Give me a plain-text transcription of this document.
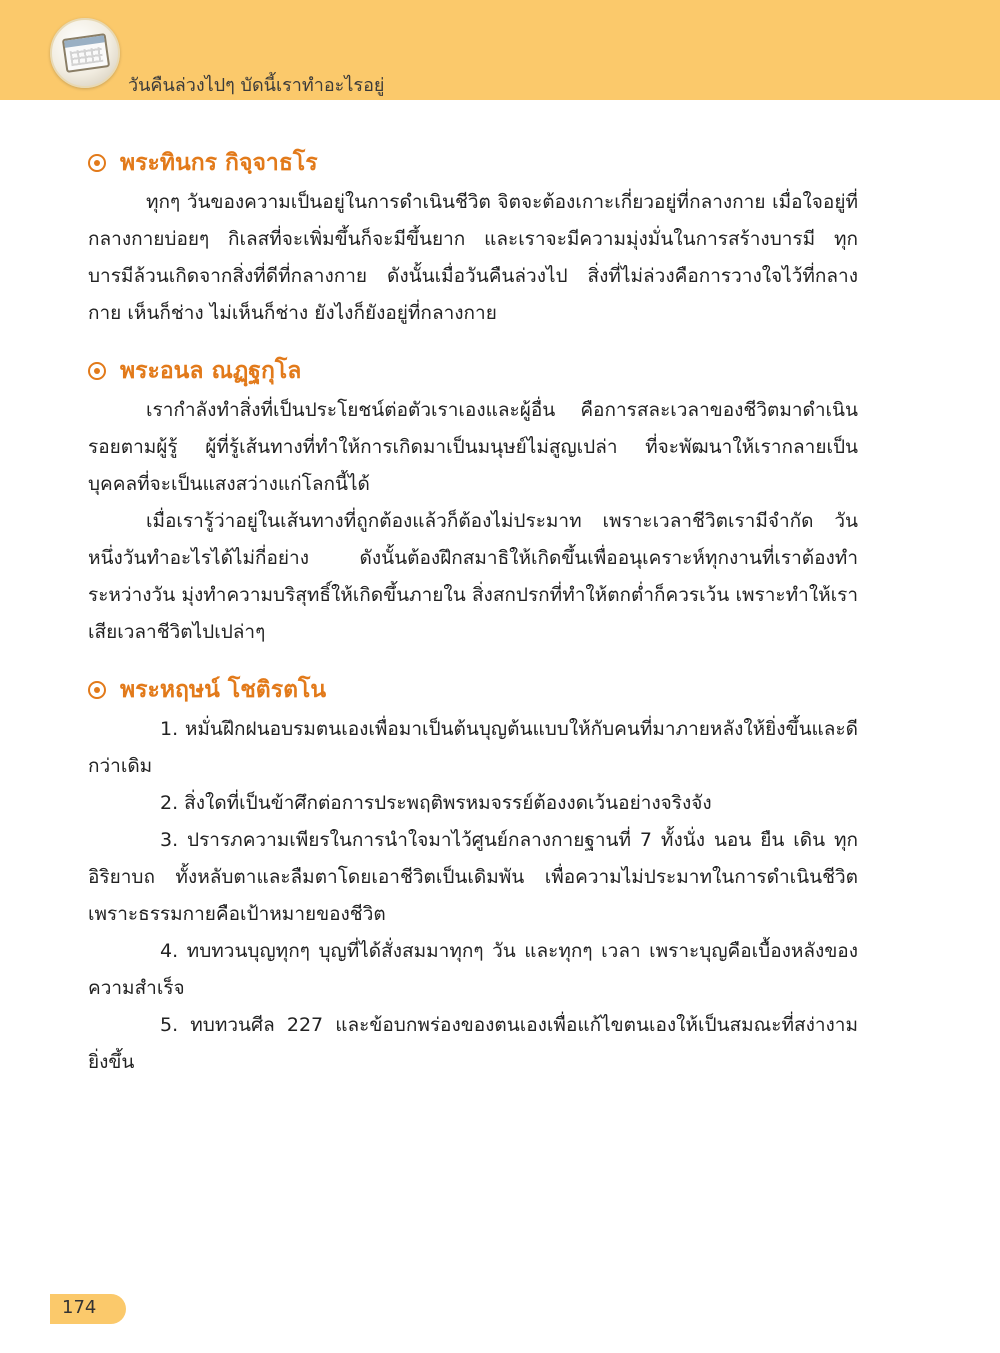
วันคืนล่วงไปๆ บัดนี้เราทำอะไรอยู่
พระทินกร กิจฺจาธโร

ทุกๆ วันของความเป็นอยู่ในการดำเนินชีวิต จิตจะต้องเกาะเกี่ยวอยู่ที่กลางกาย เมื่อใจอยู่ที่กลางกายบ่อยๆ กิเลสที่จะเพิ่มขึ้นก็จะมีขึ้นยาก และเราจะมีความมุ่งมั่นในการสร้างบารมี ทุกบารมีล้วนเกิดจากสิ่งที่ดีที่กลางกาย ดังนั้นเมื่อวันคืนล่วงไป สิ่งที่ไม่ล่วงคือการวางใจไว้ที่กลางกาย เห็นก็ช่าง ไม่เห็นก็ช่าง ยังไงก็ยังอยู่ที่กลางกาย

พระอนล ณฏฺฐกุโล

เรากำลังทำสิ่งที่เป็นประโยชน์ต่อตัวเราเองและผู้อื่น คือการสละเวลาของชีวิตมาดำเนินรอยตามผู้รู้ ผู้ที่รู้เส้นทางที่ทำให้การเกิดมาเป็นมนุษย์ไม่สูญเปล่า ที่จะพัฒนาให้เรากลายเป็นบุคคลที่จะเป็นแสงสว่างแก่โลกนี้ได้

เมื่อเรารู้ว่าอยู่ในเส้นทางที่ถูกต้องแล้วก็ต้องไม่ประมาท เพราะเวลาชีวิตเรามีจำกัด วันหนึ่งวันทำอะไรได้ไม่กี่อย่าง ดังนั้นต้องฝึกสมาธิให้เกิดขึ้นเพื่ออนุเคราะห์ทุกงานที่เราต้องทำระหว่างวัน มุ่งทำความบริสุทธิ์ให้เกิดขึ้นภายใน สิ่งสกปรกที่ทำให้ตกต่ำก็ควรเว้น เพราะทำให้เราเสียเวลาชีวิตไปเปล่าๆ

พระหฤษน์ โชติรตโน

1. หมั่นฝึกฝนอบรมตนเองเพื่อมาเป็นต้นบุญต้นแบบให้กับคนที่มาภายหลังให้ยิ่งขึ้นและดีกว่าเดิม

2. สิ่งใดที่เป็นข้าศึกต่อการประพฤติพรหมจรรย์ต้องงดเว้นอย่างจริงจัง

3. ปรารภความเพียรในการนำใจมาไว้ศูนย์กลางกายฐานที่ 7 ทั้งนั่ง นอน ยืน เดิน ทุกอิริยาบถ ทั้งหลับตาและลืมตาโดยเอาชีวิตเป็นเดิมพัน เพื่อความไม่ประมาทในการดำเนินชีวิต เพราะธรรมกายคือเป้าหมายของชีวิต

4. ทบทวนบุญทุกๆ บุญที่ได้สั่งสมมาทุกๆ วัน และทุกๆ เวลา เพราะบุญคือเบื้องหลังของความสำเร็จ

5. ทบทวนศีล 227 และข้อบกพร่องของตนเองเพื่อแก้ไขตนเองให้เป็นสมณะที่สง่างามยิ่งขึ้น

174
